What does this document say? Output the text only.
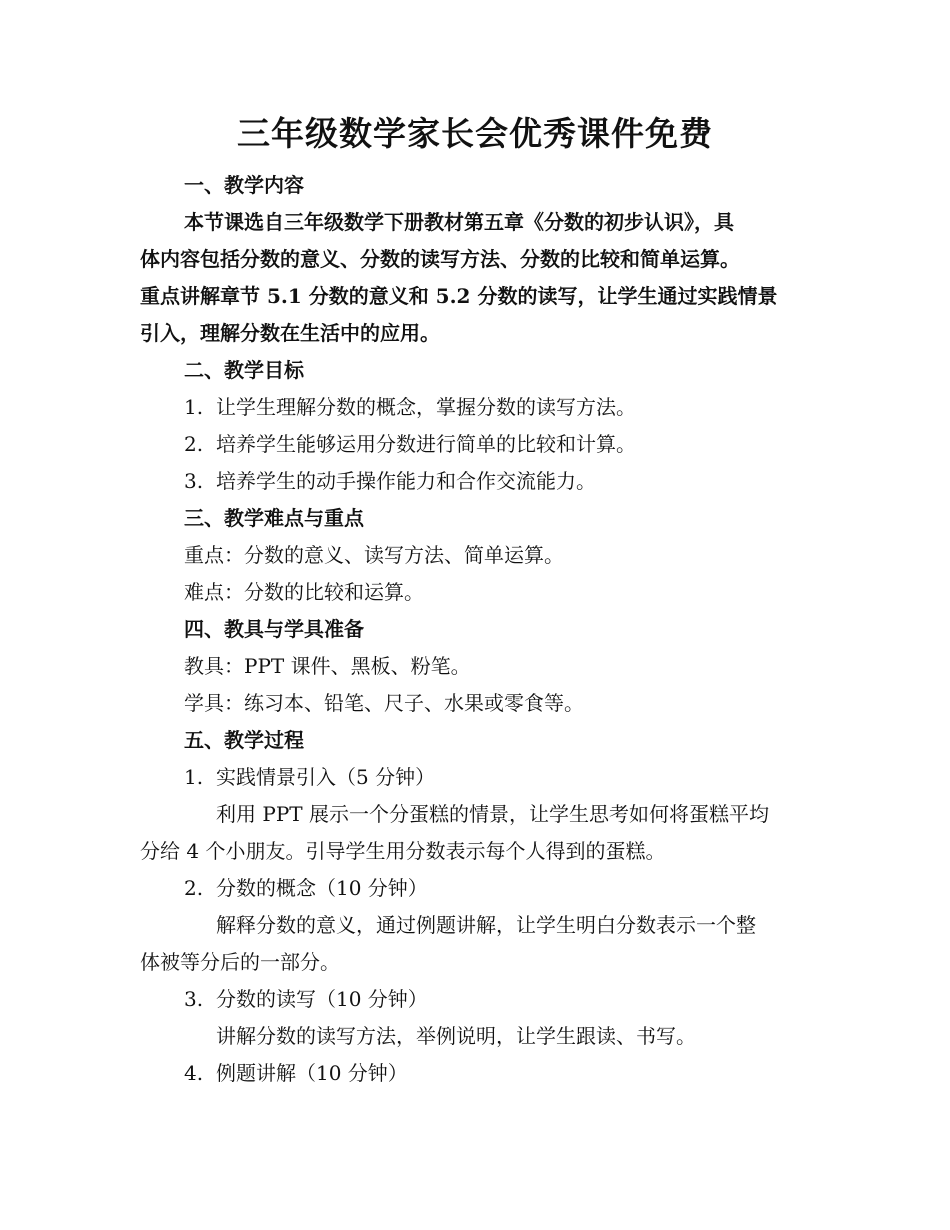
三年级数学家长会优秀课件免费
一、教学内容
本节课选自三年级数学下册教材第五章《分数的初步认识》，具
体内容包括分数的意义、分数的读写方法、分数的比较和简单运算。
重点讲解章节 5.1 分数的意义和 5.2 分数的读写，让学生通过实践情景
引入，理解分数在生活中的应用。
二、教学目标
1. 让学生理解分数的概念，掌握分数的读写方法。
2. 培养学生能够运用分数进行简单的比较和计算。
3. 培养学生的动手操作能力和合作交流能力。
三、教学难点与重点
重点：分数的意义、读写方法、简单运算。
难点：分数的比较和运算。
四、教具与学具准备
教具：PPT 课件、黑板、粉笔。
学具：练习本、铅笔、尺子、水果或零食等。
五、教学过程
1. 实践情景引入（5 分钟）
利用 PPT 展示一个分蛋糕的情景，让学生思考如何将蛋糕平均
分给 4 个小朋友。引导学生用分数表示每个人得到的蛋糕。
2. 分数的概念（10 分钟）
解释分数的意义，通过例题讲解，让学生明白分数表示一个整
体被等分后的一部分。
3. 分数的读写（10 分钟）
讲解分数的读写方法，举例说明，让学生跟读、书写。
4. 例题讲解（10 分钟）
